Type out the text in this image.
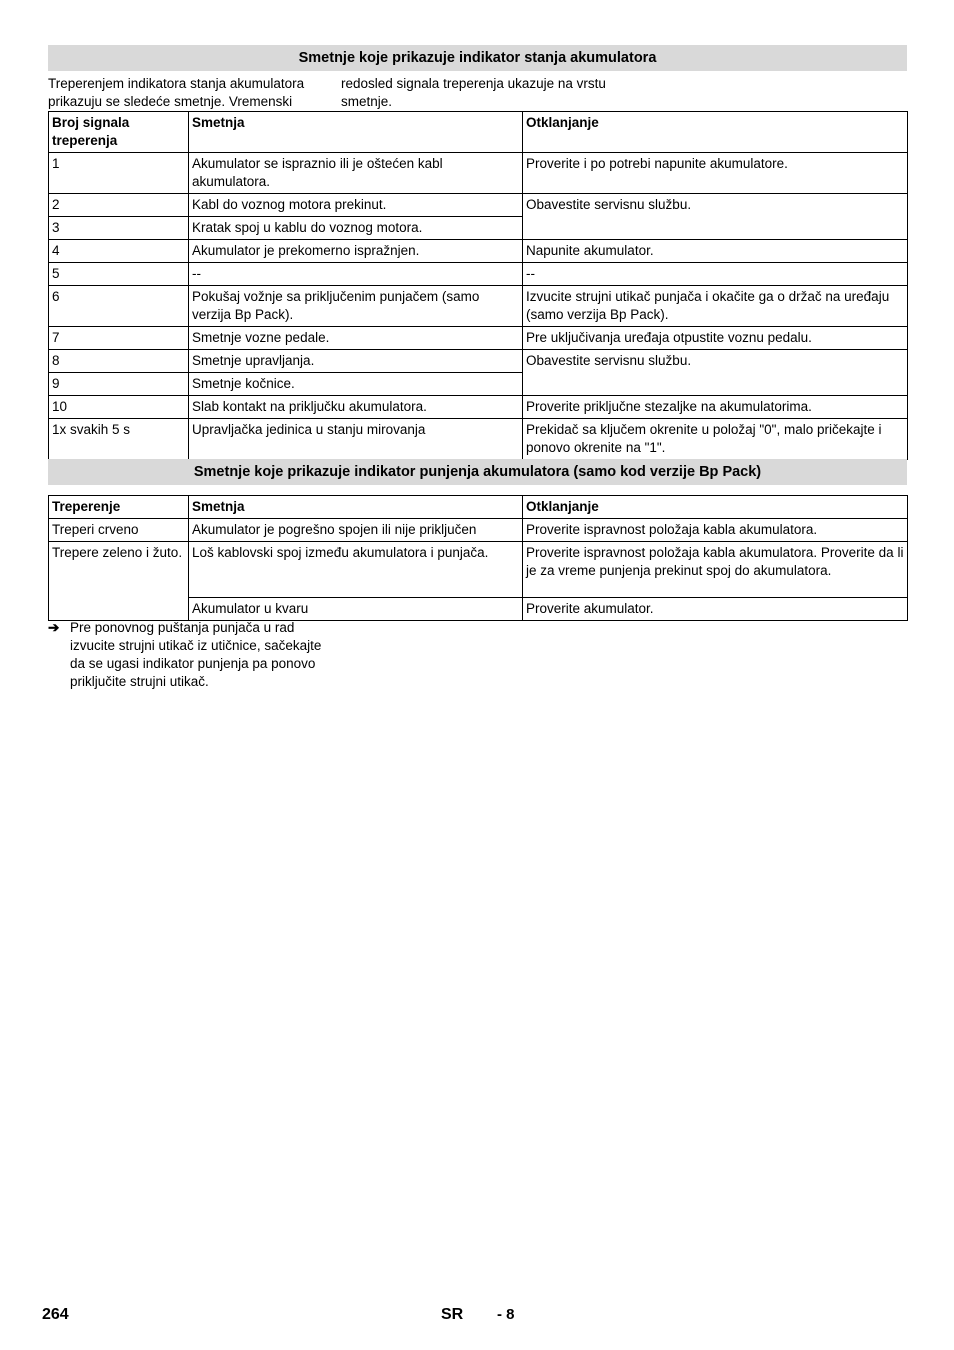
Smetnje koje prikazuje indikator stanja akumulatora
Treperenjem indikatora stanja akumulatora prikazuju se sledeće smetnje. Vremenski
redosled signala treperenja ukazuje na vrstu smetnje.
Broj signala treperenja	Smetnja	Otklanjanje
1	Akumulator se ispraznio ili je oštećen kabl akumulatora.	Proverite i po potrebi napunite akumulatore.
2	Kabl do voznog motora prekinut.	Obavestite servisnu službu.
3	Kratak spoj u kablu do voznog motora.	
4	Akumulator je prekomerno ispražnjen.	Napunite akumulator.
5	--	--
6	Pokušaj vožnje sa priključenim punjačem (samo verzija Bp Pack).	Izvucite strujni utikač punjača i okačite ga o držač na uređaju (samo verzija Bp Pack).
7	Smetnje vozne pedale.	Pre uključivanja uređaja otpustite voznu pedalu.
8	Smetnje upravljanja.	Obavestite servisnu službu.
9	Smetnje kočnice.	
10	Slab kontakt na priključku akumulatora.	Proverite priključne stezaljke na akumulatorima.
1x svakih 5 s	Upravljačka jedinica u stanju mirovanja	Prekidač sa ključem okrenite u položaj "0", malo pričekajte i ponovo okrenite na "1".
Smetnje koje prikazuje indikator punjenja akumulatora (samo kod verzije Bp Pack)
Treperenje	Smetnja	Otklanjanje
Treperi crveno	Akumulator je pogrešno spojen ili nije priključen	Proverite ispravnost položaja kabla akumulatora.
Trepere zeleno i žuto.	Loš kablovski spoj između akumulatora i punjača.	Proverite ispravnost položaja kabla akumulatora. Proverite da li je za vreme punjenja prekinut spoj do akumulatora.
	Akumulator u kvaru	Proverite akumulator.
➔ Pre ponovnog puštanja punjača u rad izvucite strujni utikač iz utičnice, sačekajte da se ugasi indikator punjenja pa ponovo priključite strujni utikač.
264	SR - 8
